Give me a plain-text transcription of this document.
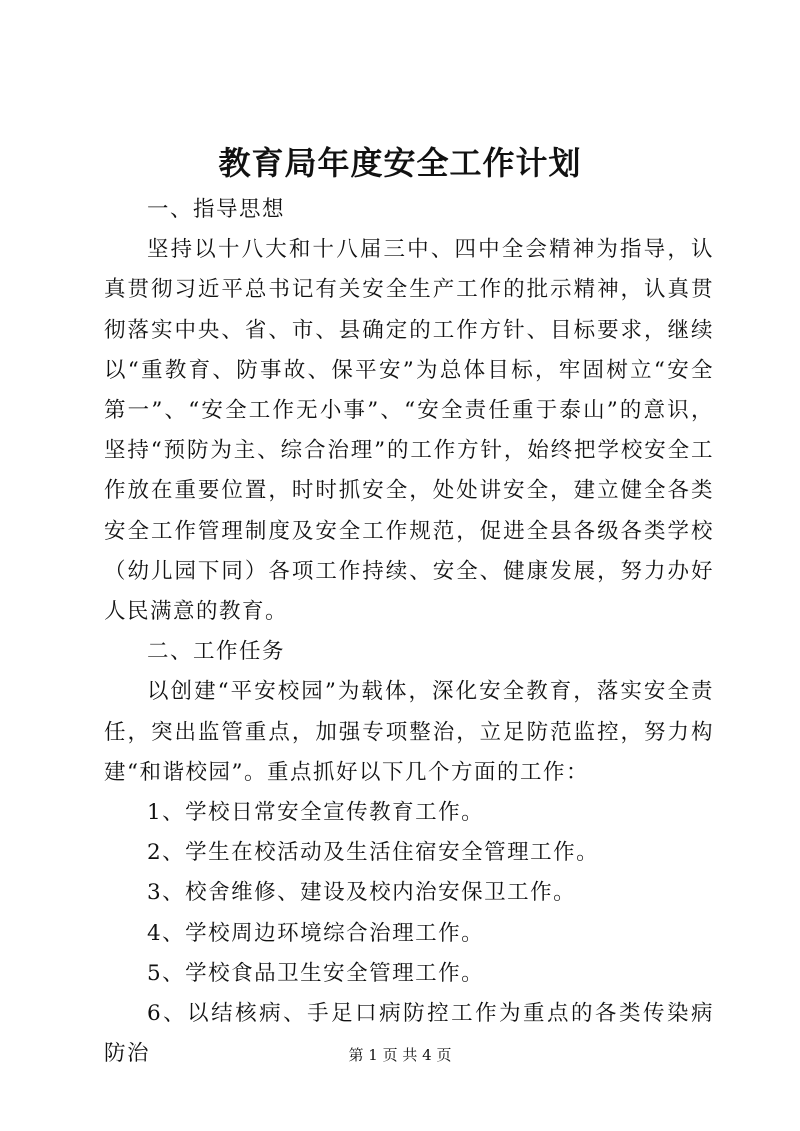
教育局年度安全工作计划

一、指导思想

坚持以十八大和十八届三中、四中全会精神为指导，认真贯彻习近平总书记有关安全生产工作的批示精神，认真贯彻落实中央、省、市、县确定的工作方针、目标要求，继续以“重教育、防事故、保平安”为总体目标，牢固树立“安全第一”、“安全工作无小事”、“安全责任重于泰山”的意识，坚持“预防为主、综合治理”的工作方针，始终把学校安全工作放在重要位置，时时抓安全，处处讲安全，建立健全各类安全工作管理制度及安全工作规范，促进全县各级各类学校（幼儿园下同）各项工作持续、安全、健康发展，努力办好人民满意的教育。

二、工作任务

以创建“平安校园”为载体，深化安全教育，落实安全责任，突出监管重点，加强专项整治，立足防范监控，努力构建“和谐校园”。重点抓好以下几个方面的工作：

1、学校日常安全宣传教育工作。

2、学生在校活动及生活住宿安全管理工作。

3、校舍维修、建设及校内治安保卫工作。

4、学校周边环境综合治理工作。

5、学校食品卫生安全管理工作。

6、以结核病、手足口病防控工作为重点的各类传染病防治	第 1 页 共 4 页
